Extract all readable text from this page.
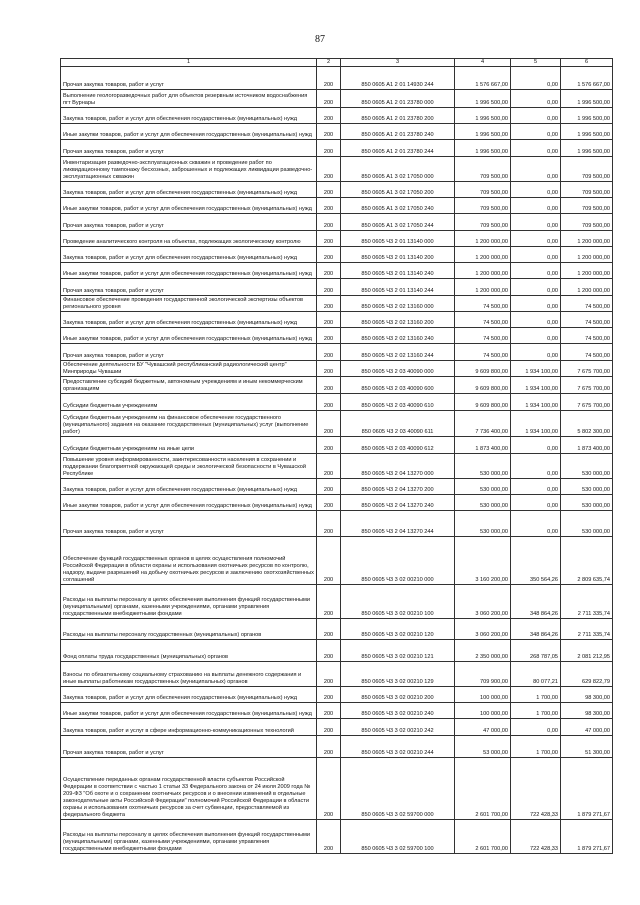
87
1	2	3	4	5	6
Прочая закупка товаров, работ и услуг	200	850 0605 А1 2 01 14930 244	1 576 667,00	0,00	1 576 667,00
Выполнение геологоразведочных работ для объектов резервным источником водоснабжения пгт Вурнары	200	850 0605 А1 2 01 23780 000	1 996 500,00	0,00	1 996 500,00
Закупка товаров, работ и услуг для обеспечения государственных (муниципальных) нужд	200	850 0605 А1 2 01 23780 200	1 996 500,00	0,00	1 996 500,00
Иные закупки товаров, работ и услуг для обеспечения государственных (муниципальных) нужд	200	850 0605 А1 2 01 23780 240	1 996 500,00	0,00	1 996 500,00
Прочая закупка товаров, работ и услуг	200	850 0605 А1 2 01 23780 244	1 996 500,00	0,00	1 996 500,00
Инвентаризация разведочно-эксплуатационных скважин и проведение работ по ликвидационному тампонажу бесхозных, заброшенных и подлежащих ликвидации разведочно-эксплуатационных скважин	200	850 0605 А1 3 02 17050 000	709 500,00	0,00	709 500,00
Закупка товаров, работ и услуг для обеспечения государственных (муниципальных) нужд	200	850 0605 А1 3 02 17050 200	709 500,00	0,00	709 500,00
Иные закупки товаров, работ и услуг для обеспечения государственных (муниципальных) нужд	200	850 0605 А1 3 02 17050 240	709 500,00	0,00	709 500,00
Прочая закупка товаров, работ и услуг	200	850 0605 А1 3 02 17050 244	709 500,00	0,00	709 500,00
Проведение аналитического контроля на объектах, подлежащих экологическому контролю	200	850 0605 Ч3 2 01 13140 000	1 200 000,00	0,00	1 200 000,00
Закупка товаров, работ и услуг для обеспечения государственных (муниципальных) нужд	200	850 0605 Ч3 2 01 13140 200	1 200 000,00	0,00	1 200 000,00
Иные закупки товаров, работ и услуг для обеспечения государственных (муниципальных) нужд	200	850 0605 Ч3 2 01 13140 240	1 200 000,00	0,00	1 200 000,00
Прочая закупка товаров, работ и услуг	200	850 0605 Ч3 2 01 13140 244	1 200 000,00	0,00	1 200 000,00
Финансовое обеспечение проведения государственной экологической экспертизы объектов регионального уровня	200	850 0605 Ч3 2 02 13160 000	74 500,00	0,00	74 500,00
Закупка товаров, работ и услуг для обеспечения государственных (муниципальных) нужд	200	850 0605 Ч3 2 02 13160 200	74 500,00	0,00	74 500,00
Иные закупки товаров, работ и услуг для обеспечения государственных (муниципальных) нужд	200	850 0605 Ч3 2 02 13160 240	74 500,00	0,00	74 500,00
Прочая закупка товаров, работ и услуг	200	850 0605 Ч3 2 02 13160 244	74 500,00	0,00	74 500,00
Обеспечение деятельности БУ "Чувашский республиканский радиологический центр" Минприроды Чувашии	200	850 0605 Ч3 2 03 40090 000	9 609 800,00	1 934 100,00	7 675 700,00
Предоставление субсидий бюджетным, автономным учреждениям и иным некоммерческим организациям	200	850 0605 Ч3 2 03 40090 600	9 609 800,00	1 934 100,00	7 675 700,00
Субсидии бюджетным учреждениям	200	850 0605 Ч3 2 03 40090 610	9 609 800,00	1 934 100,00	7 675 700,00
Субсидии бюджетным учреждениям на финансовое обеспечение государственного (муниципального) задания на оказание государственных (муниципальных) услуг (выполнение работ)	200	850 0605 Ч3 2 03 40090 611	7 736 400,00	1 934 100,00	5 802 300,00
Субсидии бюджетным учреждениям на иные цели	200	850 0605 Ч3 2 03 40090 612	1 873 400,00	0,00	1 873 400,00
Повышение уровня информированности, заинтересованности населения в сохранении и поддержании благоприятной окружающей среды и экологической безопасности в Чувашской Республике	200	850 0605 Ч3 2 04 13270 000	530 000,00	0,00	530 000,00
Закупка товаров, работ и услуг для обеспечения государственных (муниципальных) нужд	200	850 0605 Ч3 2 04 13270 200	530 000,00	0,00	530 000,00
Иные закупки товаров, работ и услуг для обеспечения государственных (муниципальных) нужд	200	850 0605 Ч3 2 04 13270 240	530 000,00	0,00	530 000,00
Прочая закупка товаров, работ и услуг	200	850 0605 Ч3 2 04 13270 244	530 000,00	0,00	530 000,00
Обеспечение функций государственных органов в целях осуществления полномочий Российской Федерации в области охраны и использования охотничьих ресурсов по контролю, надзору, выдаче разрешений на добычу охотничьих ресурсов и заключению охотхозяйственных соглашений	200	850 0605 Ч3 3 02 00210 000	3 160 200,00	350 564,26	2 809 635,74
Расходы на выплаты персоналу в целях обеспечения выполнения функций государственными (муниципальными) органами, казенными учреждениями, органами управления государственными внебюджетными фондами	200	850 0605 Ч3 3 02 00210 100	3 060 200,00	348 864,26	2 711 335,74
Расходы на выплаты персоналу государственных (муниципальных) органов	200	850 0605 Ч3 3 02 00210 120	3 060 200,00	348 864,26	2 711 335,74
Фонд оплаты труда государственных (муниципальных) органов	200	850 0605 Ч3 3 02 00210 121	2 350 000,00	268 787,05	2 081 212,95
Взносы по обязательному социальному страхованию на выплаты денежного содержания и иные выплаты работникам государственных (муниципальных) органов	200	850 0605 Ч3 3 02 00210 129	709 900,00	80 077,21	629 822,79
Закупка товаров, работ и услуг для обеспечения государственных (муниципальных) нужд	200	850 0605 Ч3 3 02 00210 200	100 000,00	1 700,00	98 300,00
Иные закупки товаров, работ и услуг для обеспечения государственных (муниципальных) нужд	200	850 0605 Ч3 3 02 00210 240	100 000,00	1 700,00	98 300,00
Закупка товаров, работ и услуг в сфере информационно-коммуникационных технологий	200	850 0605 Ч3 3 02 00210 242	47 000,00	0,00	47 000,00
Прочая закупка товаров, работ и услуг	200	850 0605 Ч3 3 02 00210 244	53 000,00	1 700,00	51 300,00
Осуществление переданных органам государственной власти субъектов Российской Федерации в соответствии с частью 1 статьи 33 Федерального закона от 24 июля 2009 года № 209-ФЗ "Об охоте и о сохранении охотничьих ресурсов и о внесении изменений в отдельные законодательные акты Российской Федерации" полномочий Российской Федерации в области охраны и использования охотничьих ресурсов за счет субвенции, предоставляемой из федерального бюджета	200	850 0605 Ч3 3 02 59700 000	2 601 700,00	722 428,33	1 879 271,67
Расходы на выплаты персоналу в целях обеспечения выполнения функций государственными (муниципальными) органами, казенными учреждениями, органами управления государственными внебюджетными фондами	200	850 0605 Ч3 3 02 59700 100	2 601 700,00	722 428,33	1 879 271,67
